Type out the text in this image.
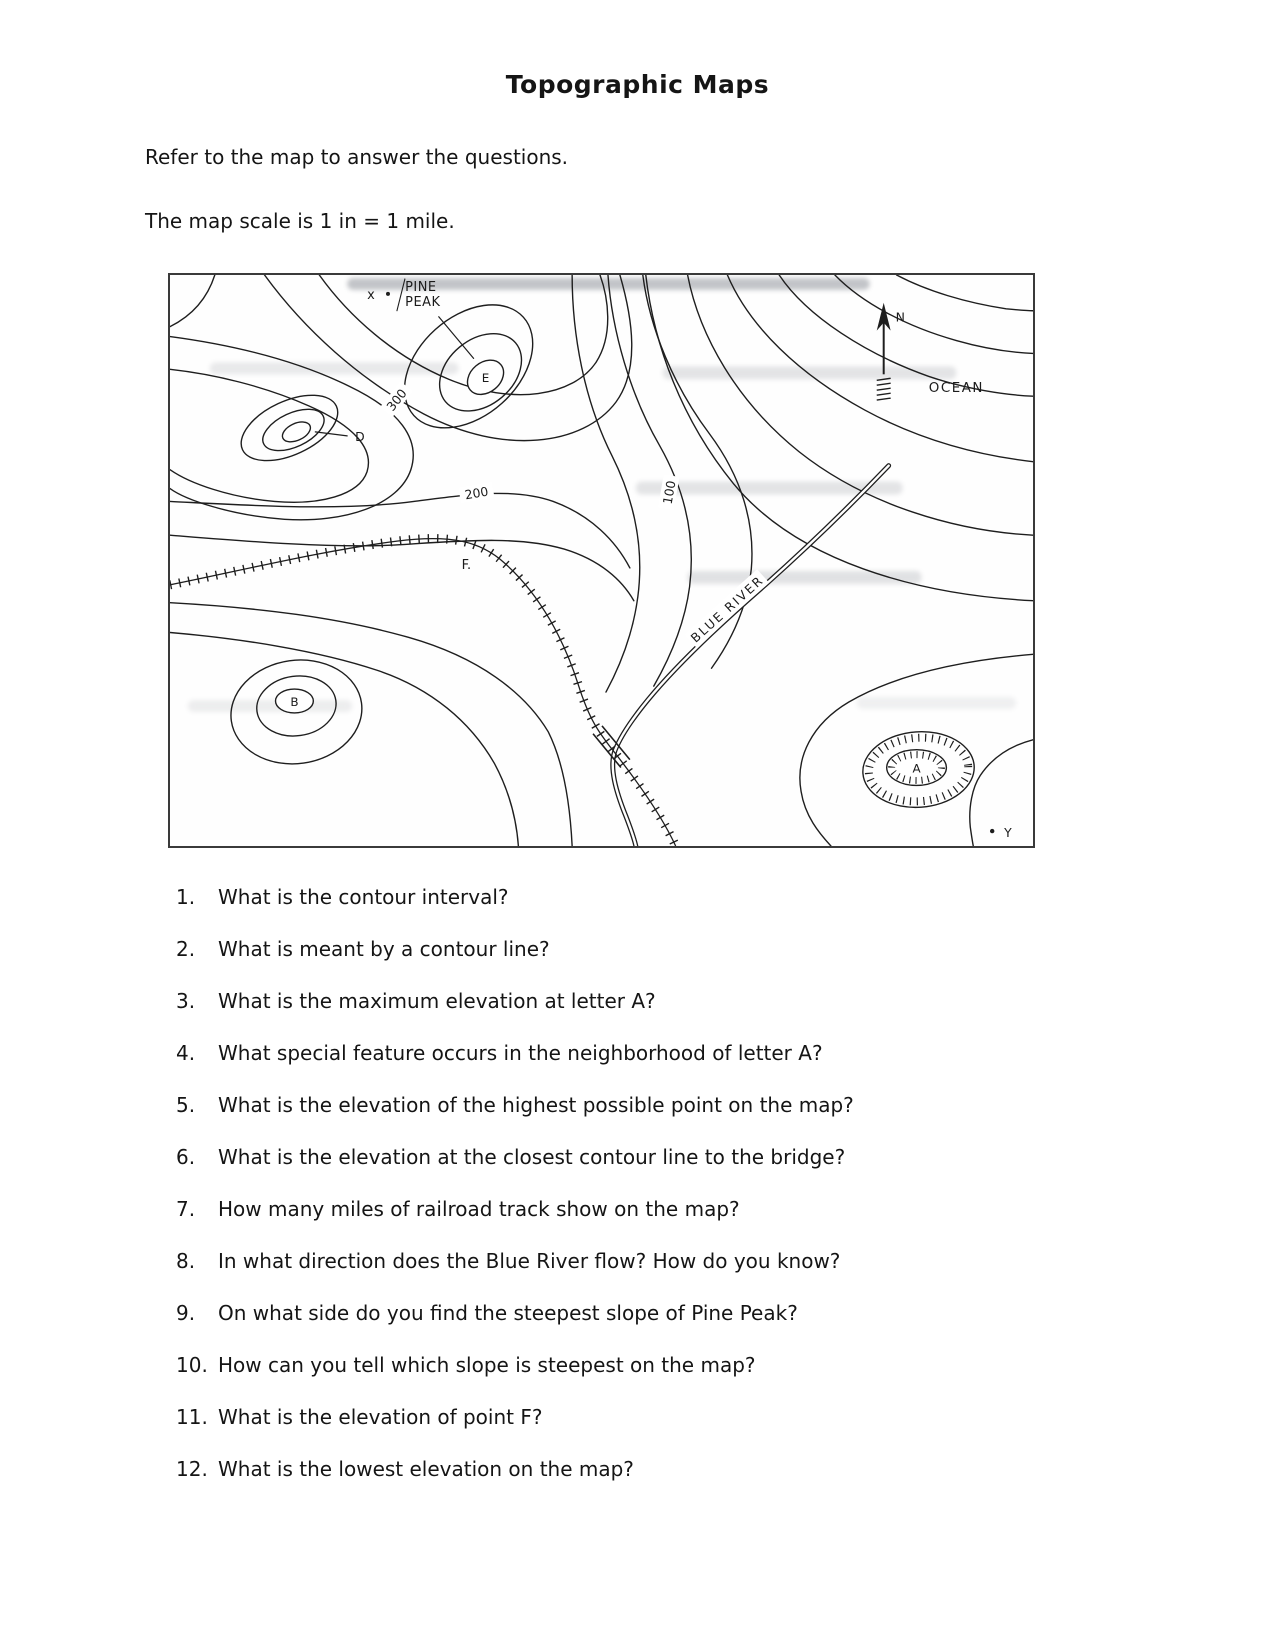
Topographic Maps

Refer to the map to answer the questions.

The map scale is 1 in = 1 mile.

PINE
PEAK
x
E
D
F.
B
300
200	100
BLUE RIVER
N
OCEAN
A
Y
1.	What is the contour interval?
2.	What is meant by a contour line?
3.	What is the maximum elevation at letter A?
4.	What special feature occurs in the neighborhood of letter A?
5.	What is the elevation of the highest possible point on the map?
6.	What is the elevation at the closest contour line to the bridge?
7.	How many miles of railroad track show on the map?
8.	In what direction does the Blue River flow? How do you know?
9.	On what side do you find the steepest slope of Pine Peak?
10. How can you tell which slope is steepest on the map?
11. What is the elevation of point F?
12. What is the lowest elevation on the map?
